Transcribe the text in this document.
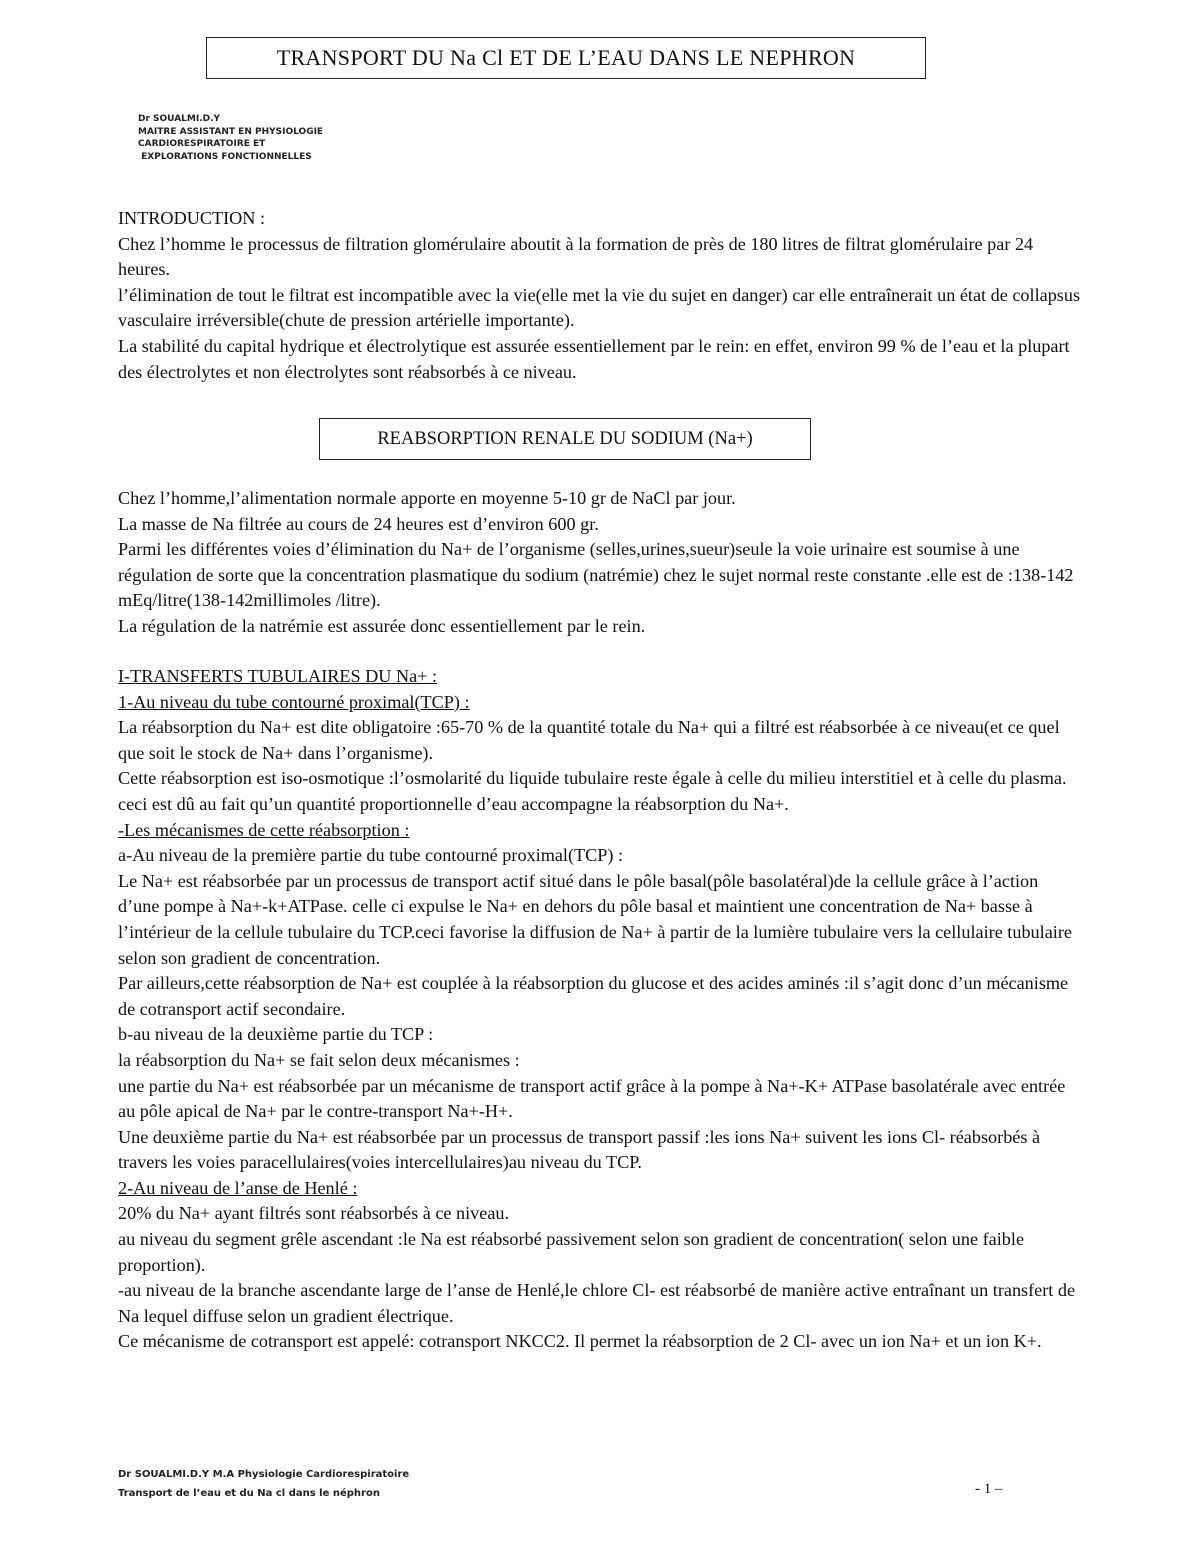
TRANSPORT DU Na Cl ET DE L’EAU DANS LE NEPHRON
Dr SOUALMI.D.Y
MAITRE ASSISTANT EN PHYSIOLOGIE
CARDIORESPIRATOIRE ET
EXPLORATIONS FONCTIONNELLES

INTRODUCTION :

Chez l’homme le processus de filtration glomérulaire aboutit à la formation de près de 180 litres de filtrat glomérulaire par 24 heures.

l’élimination de tout le filtrat est incompatible avec la vie(elle met la vie du sujet en danger) car elle entraînerait un état de collapsus vasculaire irréversible(chute de pression artérielle importante).

La stabilité du capital hydrique et électrolytique est assurée essentiellement par le rein: en effet, environ 99 % de l’eau et la plupart des électrolytes et non électrolytes sont réabsorbés à ce niveau.

REABSORPTION RENALE DU SODIUM (Na+)

Chez l’homme,l’alimentation normale apporte en moyenne 5-10 gr de NaCl par jour.

La masse de Na filtrée au cours de 24 heures est d’environ 600 gr.

Parmi les différentes voies d’élimination du Na+ de l’organisme (selles,urines,sueur)seule la voie urinaire est soumise à une régulation de sorte que la concentration plasmatique du sodium (natrémie) chez le sujet normal reste constante .elle est de :138-142 mEq/litre(138-142millimoles /litre).

La régulation de la natrémie est assurée donc essentiellement par le rein.

I-TRANSFERTS TUBULAIRES DU Na+ :

1-Au niveau du tube contourné proximal(TCP) :

La réabsorption du Na+ est dite obligatoire :65-70 % de la quantité totale du Na+ qui a filtré est réabsorbée à ce niveau(et ce quel que soit le stock de Na+ dans l’organisme).

Cette réabsorption est iso-osmotique :l’osmolarité du liquide tubulaire reste égale à celle du milieu interstitiel et à celle du plasma. ceci est dû au fait qu’un quantité proportionnelle d’eau accompagne la réabsorption du Na+.

-Les mécanismes de cette réabsorption :

a-Au niveau de la première partie du tube contourné proximal(TCP) :

Le Na+ est réabsorbée par un processus de transport actif situé dans le pôle basal(pôle basolatéral)de la cellule grâce à l’action d’une pompe à Na+-k+ATPase. celle ci expulse le Na+ en dehors du pôle basal et maintient une concentration de Na+ basse à l’intérieur de la cellule tubulaire du TCP.ceci favorise la diffusion de Na+ à partir de la lumière tubulaire vers la cellulaire tubulaire selon son gradient de concentration.

Par ailleurs,cette réabsorption de Na+ est couplée à la réabsorption du glucose et des acides aminés :il s’agit donc d’un mécanisme de cotransport actif secondaire.

b-au niveau de la deuxième partie du TCP :

la réabsorption du Na+ se fait selon deux mécanismes :

une partie du Na+ est réabsorbée par un mécanisme de transport actif grâce à la pompe à Na+-K+ ATPase basolatérale avec entrée au pôle apical de Na+ par le contre-transport Na+-H+.

Une deuxième partie du Na+ est réabsorbée par un processus de transport passif :les ions Na+ suivent les ions Cl- réabsorbés à travers les voies paracellulaires(voies intercellulaires)au niveau du TCP.

2-Au niveau de l’anse de Henlé :

20% du Na+ ayant filtrés sont réabsorbés à ce niveau.

au niveau du segment grêle ascendant :le Na est réabsorbé passivement selon son gradient de concentration( selon une faible proportion).

-au niveau de la branche ascendante large de l’anse de Henlé,le chlore Cl- est réabsorbé de manière active entraînant un transfert de Na lequel diffuse selon un gradient électrique.

Ce mécanisme de cotransport est appelé: cotransport NKCC2. Il permet la réabsorption de 2 Cl- avec un ion Na+ et un ion K+.

Dr SOUALMI.D.Y M.A Physiologie Cardiorespiratoire
Transport de l’eau et du Na cl dans le néphron	- 1 –
